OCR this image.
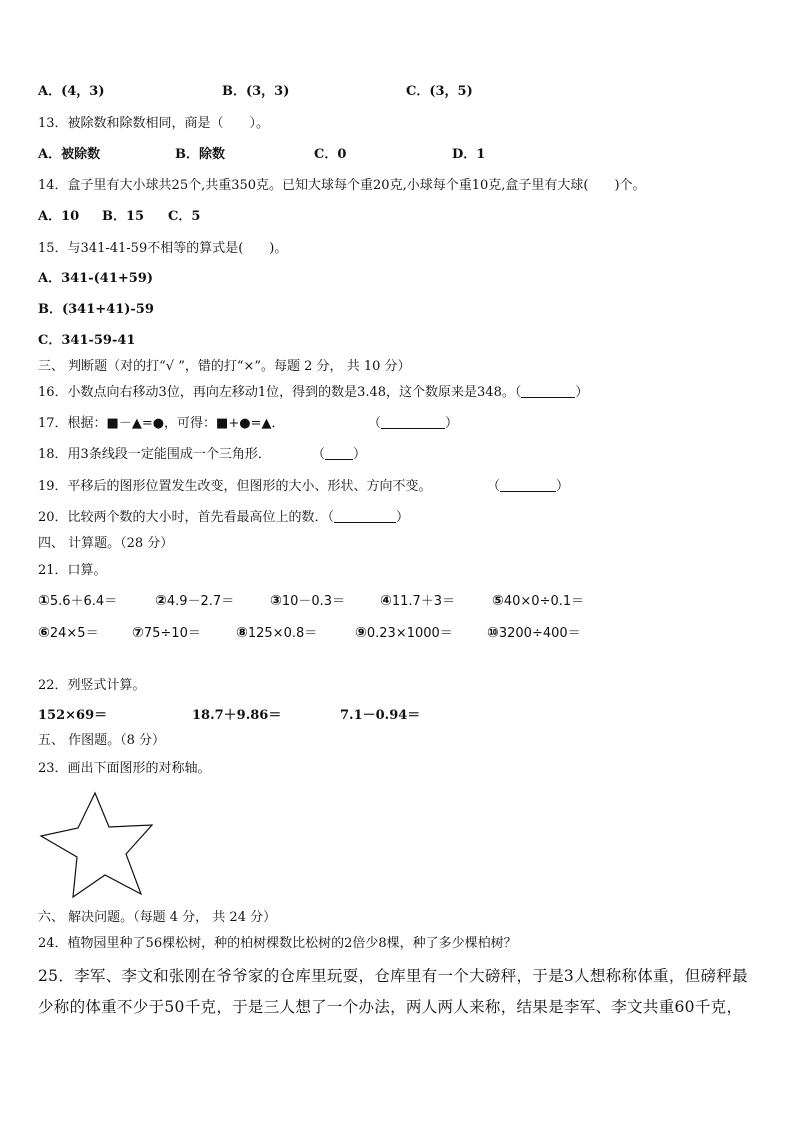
A．(4，3)	B．(3，3)	C．(3，5)
13．被除数和除数相同，商是（　　）。
A．被除数	B．除数	C．0	D．1
14．盒子里有大小球共25个,共重350克。已知大球每个重20克,小球每个重10克,盒子里有大球(　　)个。
A．10 B．15 C．5
15．与341-41-59不相等的算式是(　　)。
A．341-(41+59)
B．(341+41)-59
C．341-59-41
三、 判断题（对的打“√ ”，错的打“×”。每题 2 分， 共 10 分）
16．小数点向右移动3位，再向左移动1位，得到的数是3.48，这个数原来是348。（	）
17．根据：■－▲=●，可得：■+●=▲．	（	）
18．用3条线段一定能围成一个三角形．	（ ）
19．平移后的图形位置发生改变，但图形的大小、形状、方向不变。	（	）
20．比较两个数的大小时，首先看最高位上的数．（	）
四、 计算题。（28 分）
21．口算。
①5.6＋6.4＝	②4.9－2.7＝	③10－0.3＝ ④11.7＋3＝	⑤40×0÷0.1＝
⑥24×5＝ ⑦75÷10＝	⑧125×0.8＝	⑨0.23×1000＝ ⑩3200÷400＝
22．列竖式计算。
152×69＝	18.7＋9.86＝	7.1－0.94＝
五、 作图题。（8 分）
23．画出下面图形的对称轴。
六、 解决问题。（每题 4 分， 共 24 分）
24．植物园里种了56棵松树，种的柏树棵数比松树的2倍少8棵，种了多少棵柏树？
25．李军、李文和张刚在爷爷家的仓库里玩耍，仓库里有一个大磅秤，于是3人想称称体重，但磅秤最
少称的体重不少于50千克，于是三人想了一个办法，两人两人来称，结果是李军、李文共重60千克，
